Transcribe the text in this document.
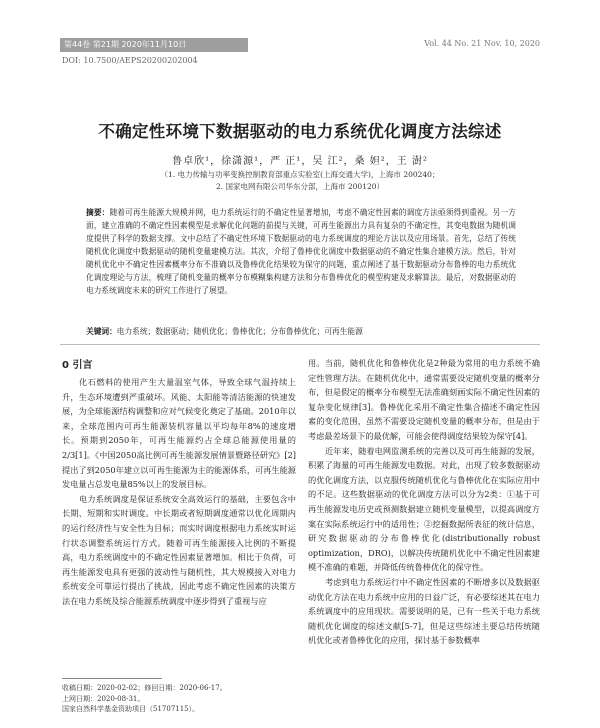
第44卷 第21期 2020年11月10日	Vol. 44 No. 21 Nov. 10, 2020
DOI: 10.7500/AEPS20200202004
不确定性环境下数据驱动的电力系统优化调度方法综述
鲁卓欣¹，徐潇源¹，严 正¹，吴 江²，桑 妲²，王 澍²
（1. 电力传输与功率变换控制教育部重点实验室(上海交通大学)，上海市 200240；
2. 国家电网有限公司华东分部，上海市 200120）
摘要：随着可再生能源大规模并网，电力系统运行的不确定性显著增加，考虑不确定性因素的调度方法亟须得到重视。另一方面，建立准确的不确定性因素模型是求解优化问题的前提与关键，可再生能源出力具有复杂的不确定性，其变电数据为随机调度提供了科学的数据支撑。文中总结了不确定性环境下数据驱动的电力系统调度的理论方法以及应用场景。首先，总结了传统随机优化调度中数据驱动的随机变量建模方法。其次，介绍了鲁棒优化调度中数据驱动的不确定性集合建模方法。然后，针对随机优化中不确定性因素概率分布不准确以及鲁棒优化结果较为保守的问题，重点阐述了基于数据驱动分布鲁棒的电力系统优化调度理论与方法，梳理了随机变量的概率分布模糊集构建方法和分布鲁棒优化的模型构建及求解算法。最后，对数据驱动的电力系统调度未来的研究工作进行了展望。
关键词：电力系统；数据驱动；随机优化；鲁棒优化；分布鲁棒优化；可再生能源
0 引言

化石燃料的使用产生大量温室气体，导致全球气温持续上升，生态环境遭到严重破坏。风能、太阳能等清洁能源的快速发展，为全球能源结构调整和应对气候变化奠定了基础。2010年以来，全球范围内可再生能源装机容量以平均每年8%的速度增长。预期到2050年，可再生能源约占全球总能源使用量的2/3[1]。《中国2050高比例可再生能源发展情景暨路径研究》[2]提出了到2050年建立以可再生能源为主的能源体系，可再生能源发电量占总发电量85%以上的发展目标。

电力系统调度是保证系统安全高效运行的基础，主要包含中长期、短期和实时调度。中长期或者短期调度通常以优化周期内的运行经济性与安全性为目标；而实时调度根据电力系统实时运行状态调整系统运行方式。随着可再生能源接入比例的不断提高，电力系统调度中的不确定性因素显著增加。相比于负荷，可再生能源发电具有更强的波动性与随机性，其大规模接入对电力系统安全可靠运行提出了挑战，因此考虑不确定性因素的决策方法在电力系统及综合能源系统调度中逐步得到了重视与应

用。当前，随机优化和鲁棒优化是2种最为常用的电力系统不确定性管理方法。在随机优化中，通常需要设定随机变量的概率分布，但是假定的概率分布模型无法准确刻画实际不确定性因素的复杂变化规律[3]。鲁棒优化采用不确定性集合描述不确定性因素的变化范围，虽然不需要设定随机变量的概率分布，但是由于考虑最差场景下的最优解，可能会使得调度结果较为保守[4]。

近年来，随着电网监测系统的完善以及可再生能源的发展，积累了海量的可再生能源发电数据。对此，出现了较多数据驱动的优化调度方法，以克服传统随机优化与鲁棒优化在实际应用中的不足。这些数据驱动的优化调度方法可以分为2类：①基于可再生能源发电历史或预测数据建立随机变量模型，以提高调度方案在实际系统运行中的适用性；②挖掘数据所表征的统计信息，研究数据驱动的分布鲁棒优化(distributionally robust optimization，DRO)，以解决传统随机优化中不确定性因素建模不准确的难题，并降低传统鲁棒优化的保守性。

考虑到电力系统运行中不确定性因素的不断增多以及数据驱动优化方法在电力系统中应用的日益广泛，有必要综述其在电力系统调度中的应用现状。需要说明的是，已有一些关于电力系统随机优化调度的综述文献[5-7]，但是这些综述主要总结传统随机优化或者鲁棒优化的应用，探讨基于参数概率

收稿日期：2020-02-02；修回日期：2020-06-17。
上网日期：2020-08-31。
国家自然科学基金资助项目（51707115）。
